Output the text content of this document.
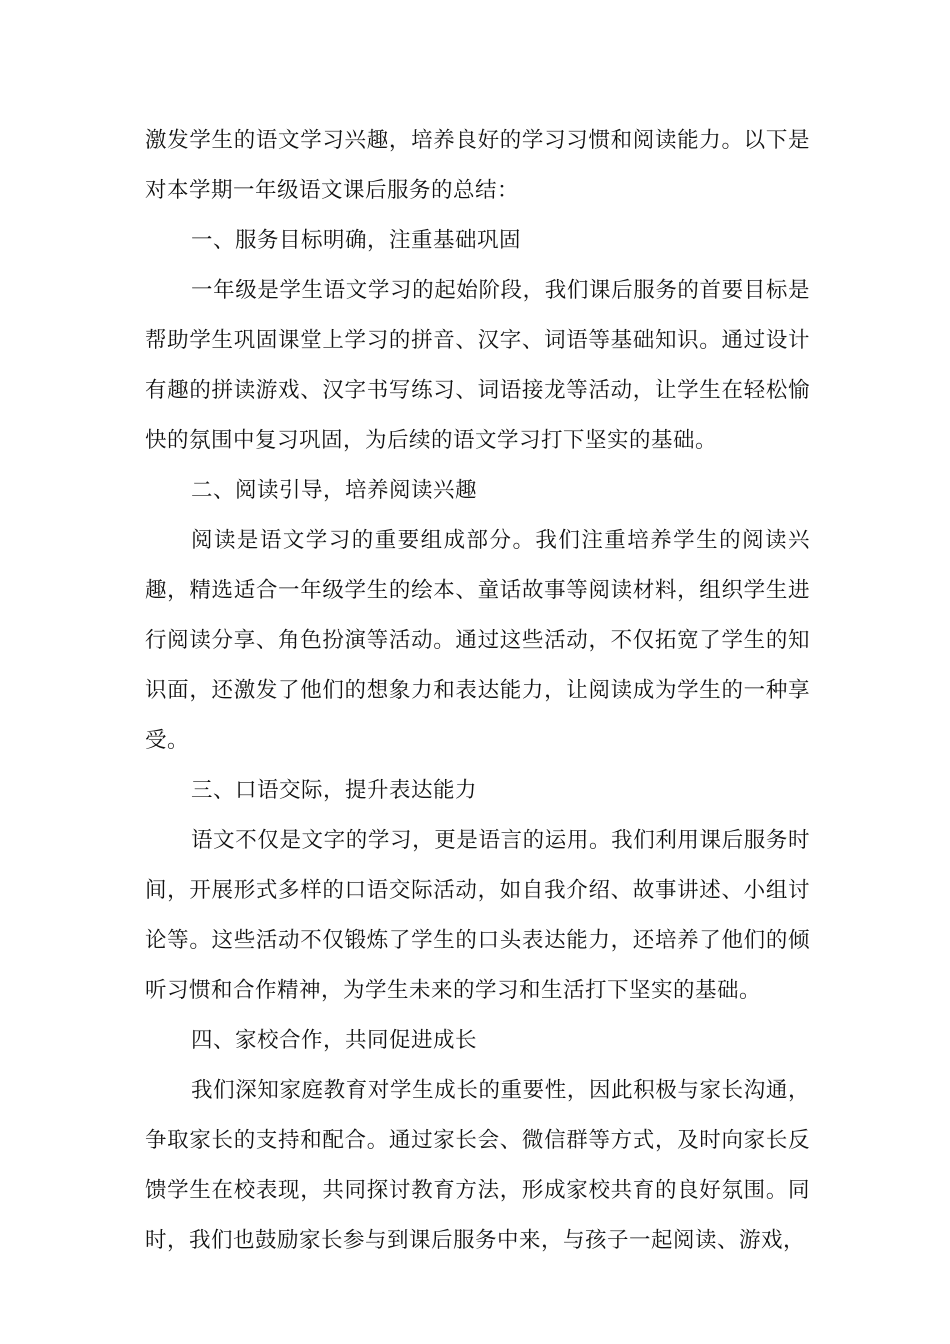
激发学生的语文学习兴趣，培养良好的学习习惯和阅读能力。以下是对本学期一年级语文课后服务的总结：

一、服务目标明确，注重基础巩固

一年级是学生语文学习的起始阶段，我们课后服务的首要目标是帮助学生巩固课堂上学习的拼音、汉字、词语等基础知识。通过设计有趣的拼读游戏、汉字书写练习、词语接龙等活动，让学生在轻松愉快的氛围中复习巩固，为后续的语文学习打下坚实的基础。

二、阅读引导，培养阅读兴趣

阅读是语文学习的重要组成部分。我们注重培养学生的阅读兴趣，精选适合一年级学生的绘本、童话故事等阅读材料，组织学生进行阅读分享、角色扮演等活动。通过这些活动，不仅拓宽了学生的知识面，还激发了他们的想象力和表达能力，让阅读成为学生的一种享受。

三、口语交际，提升表达能力

语文不仅是文字的学习，更是语言的运用。我们利用课后服务时间，开展形式多样的口语交际活动，如自我介绍、故事讲述、小组讨论等。这些活动不仅锻炼了学生的口头表达能力，还培养了他们的倾听习惯和合作精神，为学生未来的学习和生活打下坚实的基础。

四、家校合作，共同促进成长

我们深知家庭教育对学生成长的重要性，因此积极与家长沟通，争取家长的支持和配合。通过家长会、微信群等方式，及时向家长反馈学生在校表现，共同探讨教育方法，形成家校共育的良好氛围。同时，我们也鼓励家长参与到课后服务中来，与孩子一起阅读、游戏，
